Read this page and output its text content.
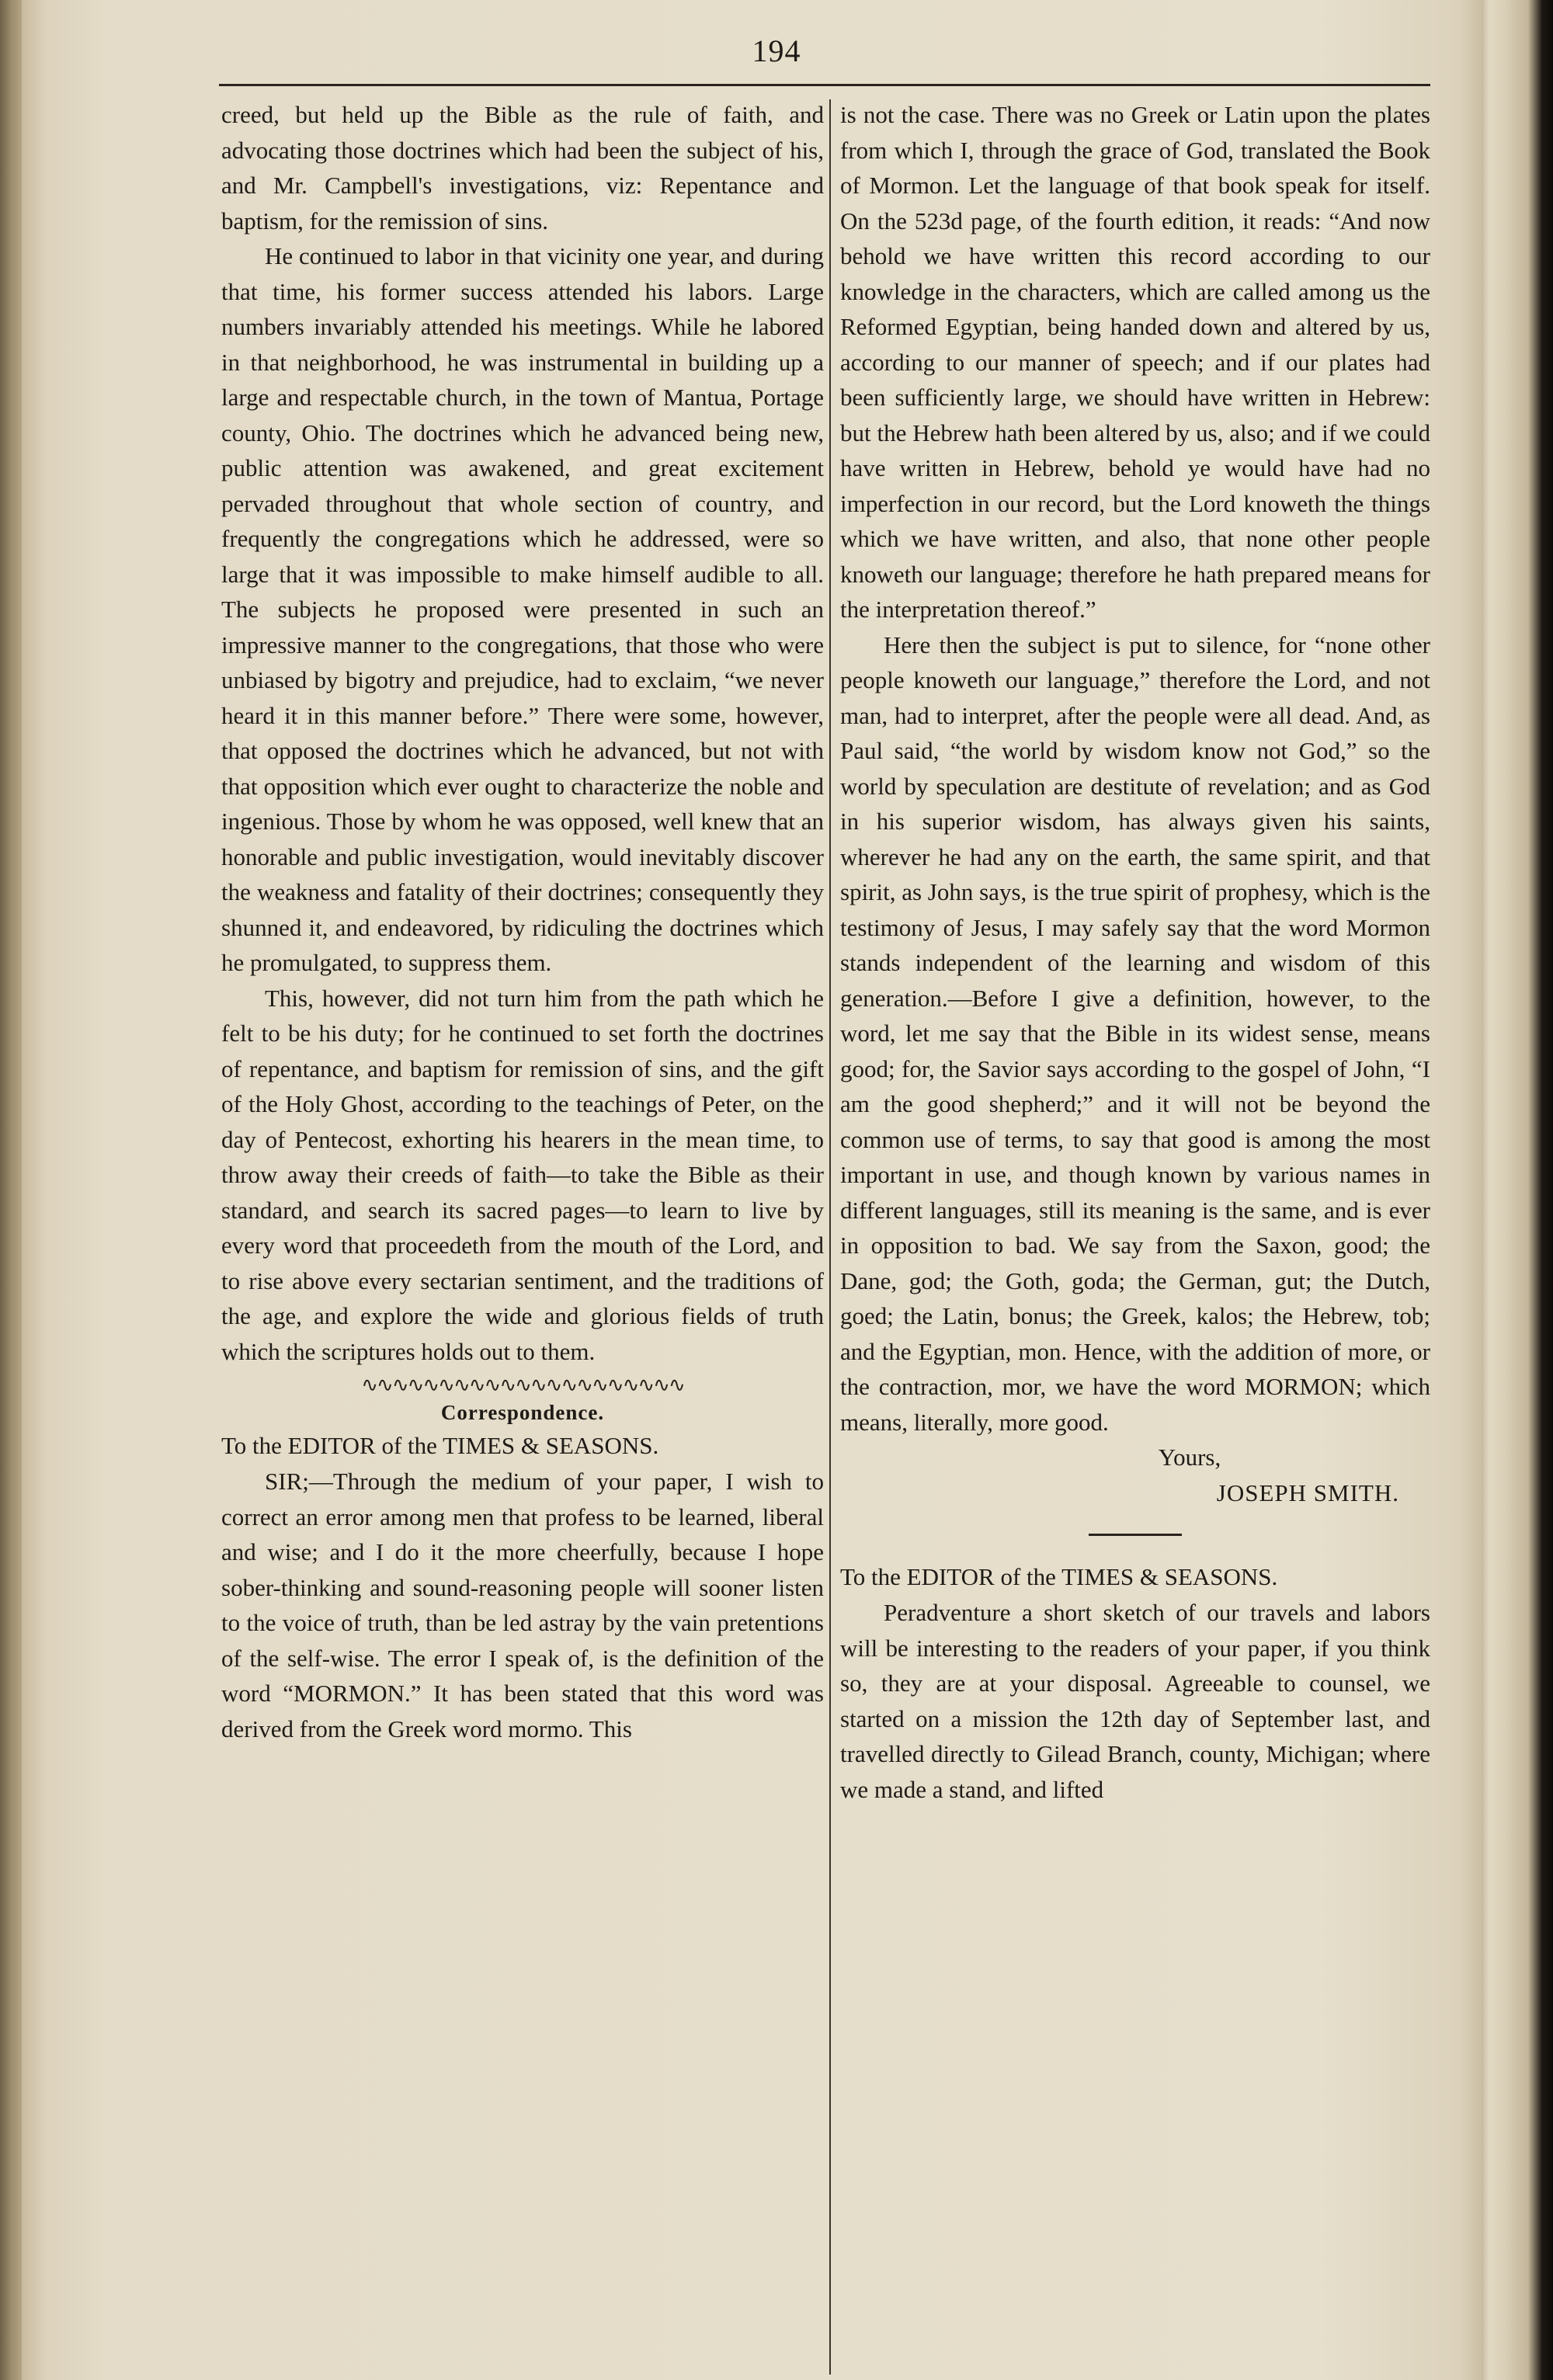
194

creed, but held up the Bible as the rule of faith, and advocating those doctrines which had been the subject of his, and Mr. Campbell's investigations, viz: Repentance and baptism, for the remission of sins.

He continued to labor in that vicinity one year, and during that time, his former success attended his labors. Large numbers invariably attended his meetings. While he labored in that neighborhood, he was instrumental in building up a large and respectable church, in the town of Mantua, Portage county, Ohio. The doctrines which he advanced being new, public attention was awakened, and great excitement pervaded throughout that whole section of country, and frequently the congregations which he addressed, were so large that it was impossible to make himself audible to all. The subjects he proposed were presented in such an impressive manner to the congregations, that those who were unbiased by bigotry and prejudice, had to exclaim, “we never heard it in this manner before.” There were some, however, that opposed the doctrines which he advanced, but not with that opposition which ever ought to characterize the noble and ingenious. Those by whom he was opposed, well knew that an honorable and public investigation, would inevitably discover the weakness and fatality of their doctrines; consequently they shunned it, and endeavored, by ridiculing the doctrines which he promulgated, to suppress them.

This, however, did not turn him from the path which he felt to be his duty; for he continued to set forth the doctrines of repentance, and baptism for remission of sins, and the gift of the Holy Ghost, according to the teachings of Peter, on the day of Pentecost, exhorting his hearers in the mean time, to throw away their creeds of faith—to take the Bible as their standard, and search its sacred pages—to learn to live by every word that proceedeth from the mouth of the Lord, and to rise above every sectarian sentiment, and the traditions of the age, and explore the wide and glorious fields of truth which the scriptures holds out to them.

∿∿∿∿∿∿∿∿∿∿∿∿∿∿∿∿∿∿∿∿∿
Correspondence.

To the EDITOR of the TIMES & SEASONS.

SIR;—Through the medium of your paper, I wish to correct an error among men that profess to be learned, liberal and wise; and I do it the more cheerfully, because I hope sober-thinking and sound-reasoning people will sooner listen to the voice of truth, than be led astray by the vain pretentions of the self-wise. The error I speak of, is the definition of the word “MORMON.” It has been stated that this word was derived from the Greek word mormo. This

is not the case. There was no Greek or Latin upon the plates from which I, through the grace of God, translated the Book of Mormon. Let the language of that book speak for itself. On the 523d page, of the fourth edition, it reads: “And now behold we have written this record according to our knowledge in the characters, which are called among us the Reformed Egyptian, being handed down and altered by us, according to our manner of speech; and if our plates had been sufficiently large, we should have written in Hebrew: but the Hebrew hath been altered by us, also; and if we could have written in Hebrew, behold ye would have had no imperfection in our record, but the Lord knoweth the things which we have written, and also, that none other people knoweth our language; therefore he hath prepared means for the interpretation thereof.”

Here then the subject is put to silence, for “none other people knoweth our language,” therefore the Lord, and not man, had to interpret, after the people were all dead. And, as Paul said, “the world by wisdom know not God,” so the world by speculation are destitute of revelation; and as God in his superior wisdom, has always given his saints, wherever he had any on the earth, the same spirit, and that spirit, as John says, is the true spirit of prophesy, which is the testimony of Jesus, I may safely say that the word Mormon stands independent of the learning and wisdom of this generation.—Before I give a definition, however, to the word, let me say that the Bible in its widest sense, means good; for, the Savior says according to the gospel of John, “I am the good shepherd;” and it will not be beyond the common use of terms, to say that good is among the most important in use, and though known by various names in different languages, still its meaning is the same, and is ever in opposition to bad. We say from the Saxon, good; the Dane, god; the Goth, goda; the German, gut; the Dutch, goed; the Latin, bonus; the Greek, kalos; the Hebrew, tob; and the Egyptian, mon. Hence, with the addition of more, or the contraction, mor, we have the word MORMON; which means, literally, more good.

Yours,

JOSEPH SMITH.

To the EDITOR of the TIMES & SEASONS.

Peradventure a short sketch of our travels and labors will be interesting to the readers of your paper, if you think so, they are at your disposal. Agreeable to counsel, we started on a mission the 12th day of September last, and travelled directly to Gilead Branch, county, Michigan; where we made a stand, and lifted
